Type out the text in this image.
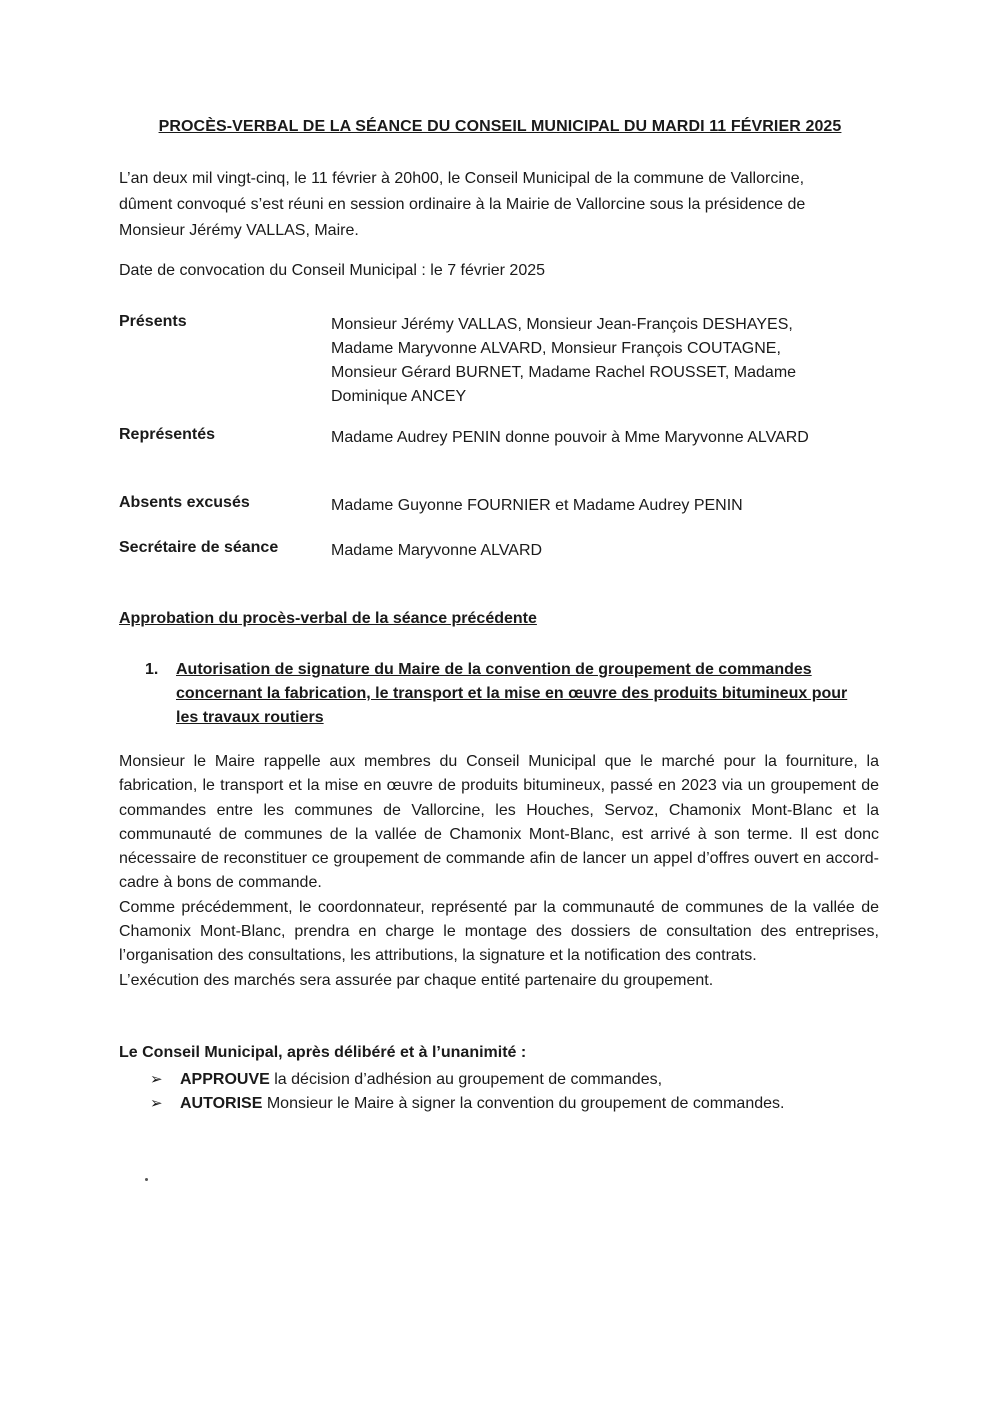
PROCÈS-VERBAL DE LA SÉANCE DU CONSEIL MUNICIPAL DU MARDI 11 FÉVRIER 2025

L’an deux mil vingt-cinq, le 11 février à 20h00, le Conseil Municipal de la commune de Vallorcine,

dûment convoqué s’est réuni en session ordinaire à la Mairie de Vallorcine sous la présidence de

Monsieur Jérémy VALLAS, Maire.

Date de convocation du Conseil Municipal : le 7 février 2025
Présents	Monsieur Jérémy VALLAS, Monsieur Jean-François DESHAYES,
Madame Maryvonne ALVARD, Monsieur François COUTAGNE,
Monsieur Gérard BURNET, Madame Rachel ROUSSET, Madame
Dominique ANCEY
Représentés	Madame Audrey PENIN donne pouvoir à Mme Maryvonne ALVARD
Absents excusés	Madame Guyonne FOURNIER et Madame Audrey PENIN
Secrétaire de séance	Madame Maryvonne ALVARD
Approbation du procès-verbal de la séance précédente
1. Autorisation de signature du Maire de la convention de groupement de commandes
concernant la fabrication, le transport et la mise en œuvre des produits bitumineux pour
les travaux routiers

Monsieur le Maire rappelle aux membres du Conseil Municipal que le marché pour la fourniture, la fabrication, le transport et la mise en œuvre de produits bitumineux, passé en 2023 via un groupement de commandes entre les communes de Vallorcine, les Houches, Servoz, Chamonix Mont-Blanc et la communauté de communes de la vallée de Chamonix Mont-Blanc, est arrivé à son terme. Il est donc nécessaire de reconstituer ce groupement de commande afin de lancer un appel d’offres ouvert en accord-cadre à bons de commande.

Comme précédemment, le coordonnateur, représenté par la communauté de communes de la vallée de Chamonix Mont-Blanc, prendra en charge le montage des dossiers de consultation des entreprises, l’organisation des consultations, les attributions, la signature et la notification des contrats.

L’exécution des marchés sera assurée par chaque entité partenaire du groupement.

Le Conseil Municipal, après délibéré et à l’unanimité :
➢ APPROUVE la décision d’adhésion au groupement de commandes,
➢ AUTORISE Monsieur le Maire à signer la convention du groupement de commandes.
